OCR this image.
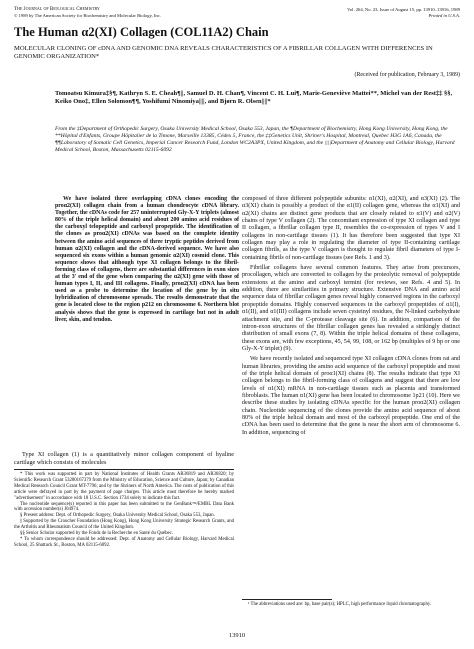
The Journal of Biological Chemistry
© 1989 by The American Society for Biochemistry and Molecular Biology, Inc.
Vol. 264, No. 23, Issue of August 15, pp. 13910–13916, 1989
Printed in U.S.A.
The Human α2(XI) Collagen (COL11A2) Chain
MOLECULAR CLONING OF cDNA AND GENOMIC DNA REVEALS CHARACTERISTICS OF A FIBRILLAR COLLAGEN WITH DIFFERENCES IN GENOMIC ORGANIZATION*
(Received for publication, February 3, 1989)
Tomoatsu Kimura‡§¶, Kathryn S. E. Cheah¶||, Samuel D. H. Chan¶, Vincent C. H. Lui¶, Marie-Geneviève Mattei**, Michel van der Rest‡‡ §§, Keiko Ono‡, Ellen Solomon¶¶, Yoshifumi Ninomiya||||, and Bjørn R. Olsen||||*
From the ‡Department of Orthopedic Surgery, Osaka University Medical School, Osaka 553, Japan, the ¶Department of Biochemistry, Hong Kong University, Hong Kong, the **Hôpital d'Enfants, Groupe Hôpitalier de la Timone, Marseille 13385, Cédex 5, France, the ‡‡Genetics Unit, Shriner's Hospital, Montreal, Quebec H3G 1A6, Canada, the ¶¶Laboratory of Somatic Cell Genetics, Imperial Cancer Research Fund, London WC2A3PX, United Kingdom, and the ||||Department of Anatomy and Cellular Biology, Harvard Medical School, Boston, Massachusetts 02115-6092

We have isolated three overlapping cDNA clones encoding the proα2(XI) collagen chain from a human chondrocyte cDNA library. Together, the cDNAs code for 257 uninterrupted Gly-X-Y triplets (almost 80% of the triple helical domain) and about 200 amino acid residues of the carboxyl telopeptide and carboxyl propeptide. The identification of the clones as proα2(XI) cDNAs was based on the complete identity between the amino acid sequences of three tryptic peptides derived from human α2(XI) collagen and the cDNA-derived sequence. We have also sequenced six exons within a human genomic α2(XI) cosmid clone. This sequence shows that although type XI collagen belongs to the fibril-forming class of collagens, there are substantial differences in exon sizes at the 3' end of the gene when comparing the α2(XI) gene with those of human types I, II, and III collagens. Finally, proα2(XI) cDNA has been used as a probe to determine the location of the gene by in situ hybridization of chromosome spreads. The results demonstrate that the gene is located close to the region p212 on chromosome 6. Northern blot analysis shows that the gene is expressed in cartilage but not in adult liver, skin, and tendon.

Type XI collagen (1) is a quantitatively minor collagen component of hyaline cartilage which consists of molecules

* This work was supported in part by National Institutes of Health Grants AR36819 and AR36820; by Scientific Research Grant 53280167379 from the Ministry of Education, Science and Culture, Japan; by Canadian Medical Research Council Grant MT-7796; and by the Shriners of North America. The costs of publication of this article were defrayed in part by the payment of page charges. This article must therefore be hereby marked "advertisement" in accordance with 18 U.S.C. Section 1734 solely to indicate this fact.

The nucleotide sequence(s) reported in this paper has been submitted to the GenBank™/EMBL Data Bank with accession number(s) J04974.

§ Present address: Dept. of Orthopedic Surgery, Osaka University Medical School, Osaka 553, Japan.

|| Supported by the Croucher Foundation (Hong Kong), Hong Kong University Strategic Research Grants, and the Arthritis and Rheumatism Council of the United Kingdom.

§§ Senior Scholar supported by the Fonds de la Recherche en Santé du Québec.

* To whom correspondence should be addressed: Dept. of Anatomy and Cellular Biology, Harvard Medical School, 25 Shattuck St., Boston, MA 02115-6092.

composed of three different polypeptide subunits: α1(XI), α2(XI), and α3(XI) (2). The α3(XI) chain is possibly a product of the α1(II) collagen gene, whereas the α1(XI) and α2(XI) chains are distinct gene products that are closely related to α1(V) and α2(V) chains of type V collagen (2). The concomitant expression of type XI collagen and type II collagen, a fibrillar collagen type II, resembles the co-expression of types V and I collagens in non-cartilage tissues (1). It has therefore been suggested that type XI collagen may play a role in regulating the diameter of type II-containing cartilage collagen fibrils, as the type V collagen is thought to regulate fibril diameters of type I-containing fibrils of non-cartilage tissues (see Refs. 1 and 3).

Fibrillar collagens have several common features. They arise from precursors, procollagen, which are converted to collagen by the proteolytic removal of polypeptide extensions at the amino and carboxyl termini (for reviews, see Refs. 4 and 5). In addition, there are similarities in primary structure. Extensive DNA and amino acid sequence data of fibrillar collagen genes reveal highly conserved regions in the carboxyl propeptide domains. Highly conserved sequences in the carboxyl propeptides of α1(I), α1(II), and α1(III) collagens include seven cysteinyl residues, the N-linked carbohydrate attachment site, and the C-protease cleavage site (6). In addition, comparison of the intron-exon structures of the fibrillar collagen genes has revealed a strikingly distinct distribution of small exons (7, 8). Within the triple helical domains of these collagens, these exons are, with few exceptions, 45, 54, 99, 108, or 162 bp (multiples of 9 bp or one Gly-X-Y triplet) (9).

We have recently isolated and sequenced type XI collagen cDNA clones from rat and human libraries, providing the amino acid sequence of the carboxyl propeptide and most of the triple helical domain of proα1(XI) chains (8). The results indicate that type XI collagen belongs to the fibril-forming class of collagens and suggest that there are low levels of α1(XI) mRNA in non-cartilage tissues such as placenta and transformed fibroblasts. The human α1(XI) gene has been located to chromosome 1p21 (10). Here we describe these studies by isolating cDNAs specific for the human proα2(XI) collagen chain. Nucleotide sequencing of the clones provide the amino acid sequence of about 80% of the triple helical domain and most of the carboxyl propeptide. One end of the cDNA has been used to determine that the gene is near the short arm of chromosome 6. In addition, sequencing of

¹ The abbreviations used are: bp, base pair(s); HPLC, high performance liquid chromatography.

13910
